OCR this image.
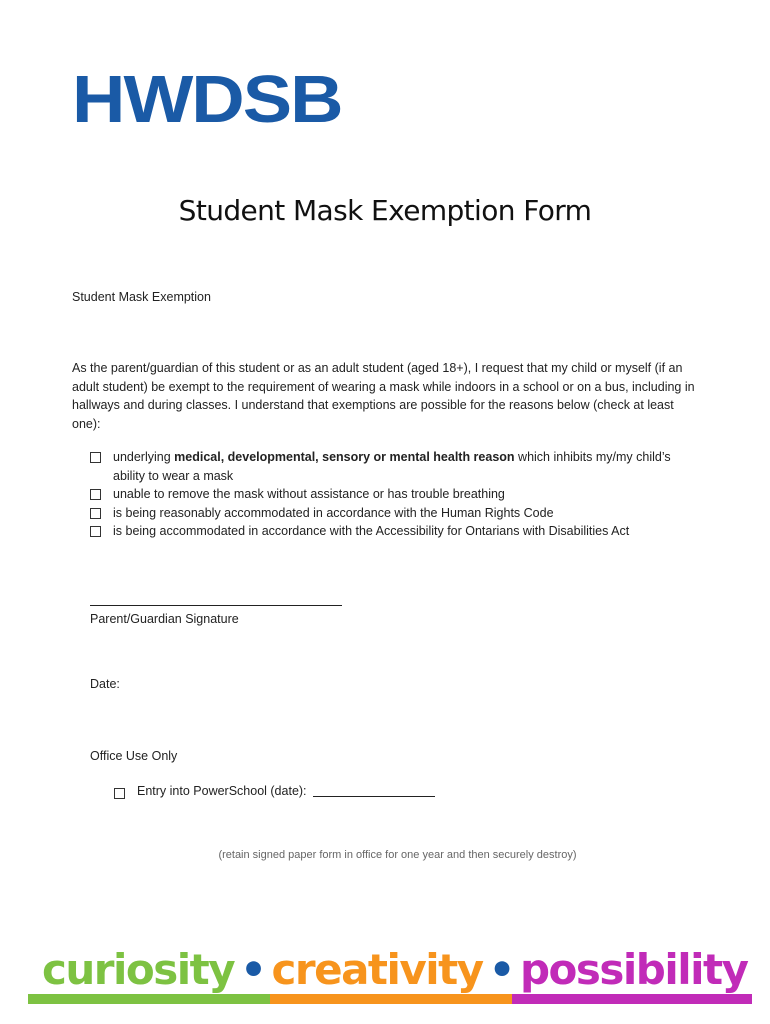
HWDSB
Student Mask Exemption Form
Student Mask Exemption

As the parent/guardian of this student or as an adult student (aged 18+), I request that my child or myself (if an adult student) be exempt to the requirement of wearing a mask while indoors in a school or on a bus, including in hallways and during classes. I understand that exemptions are possible for the reasons below (check at least one):

underlying medical, developmental, sensory or mental health reason which inhibits my/my child’s ability to wear a mask
unable to remove the mask without assistance or has trouble breathing
is being reasonably accommodated in accordance with the Human Rights Code
is being accommodated in accordance with the Accessibility for Ontarians with Disabilities Act
Parent/Guardian Signature
Date:
Office Use Only
Entry into PowerSchool (date):
(retain signed paper form in office for one year and then securely destroy)
curiosity • creativity • possibility
